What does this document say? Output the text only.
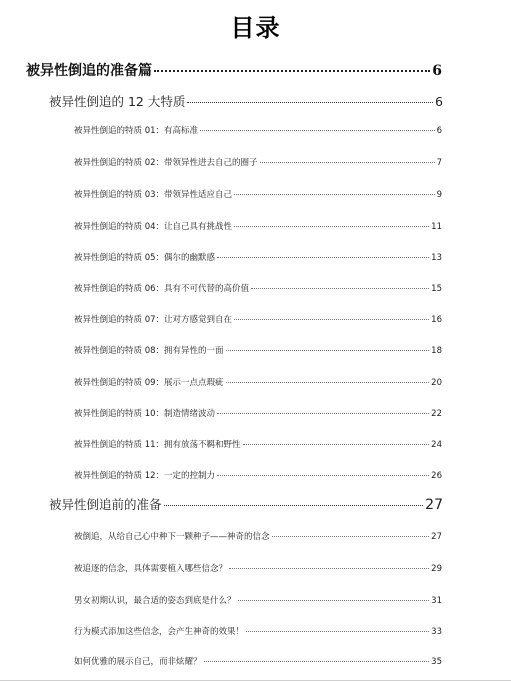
目录
被异性倒追的准备篇	6
被异性倒追的 12 大特质	6
被异性倒追的特质 01：有高标准	6
被异性倒追的特质 02：带领异性进去自己的圈子	7
被异性倒追的特质 03：带领异性适应自己	9
被异性倒追的特质 04：让自己具有挑战性	11
被异性倒追的特质 05：偶尔的幽默感	13
被异性倒追的特质 06：具有不可代替的高价值	15
被异性倒追的特质 07：让对方感觉到自在	16
被异性倒追的特质 08：拥有异性的一面	18
被异性倒追的特质 09：展示一点点瑕疵	20
被异性倒追的特质 10：制造情绪波动	22
被异性倒追的特质 11：拥有放荡不羁和野性	24
被异性倒追的特质 12：一定的控制力	26
被异性倒追前的准备	27
被倒追，从给自己心中种下一颗种子——神奇的信念	27
被追逐的信念，具体需要植入哪些信念？	29
男女初期认识，最合适的姿态到底是什么？	31
行为模式添加这些信念，会产生神奇的效果！	33
如何优雅的展示自己，而非炫耀？	35
